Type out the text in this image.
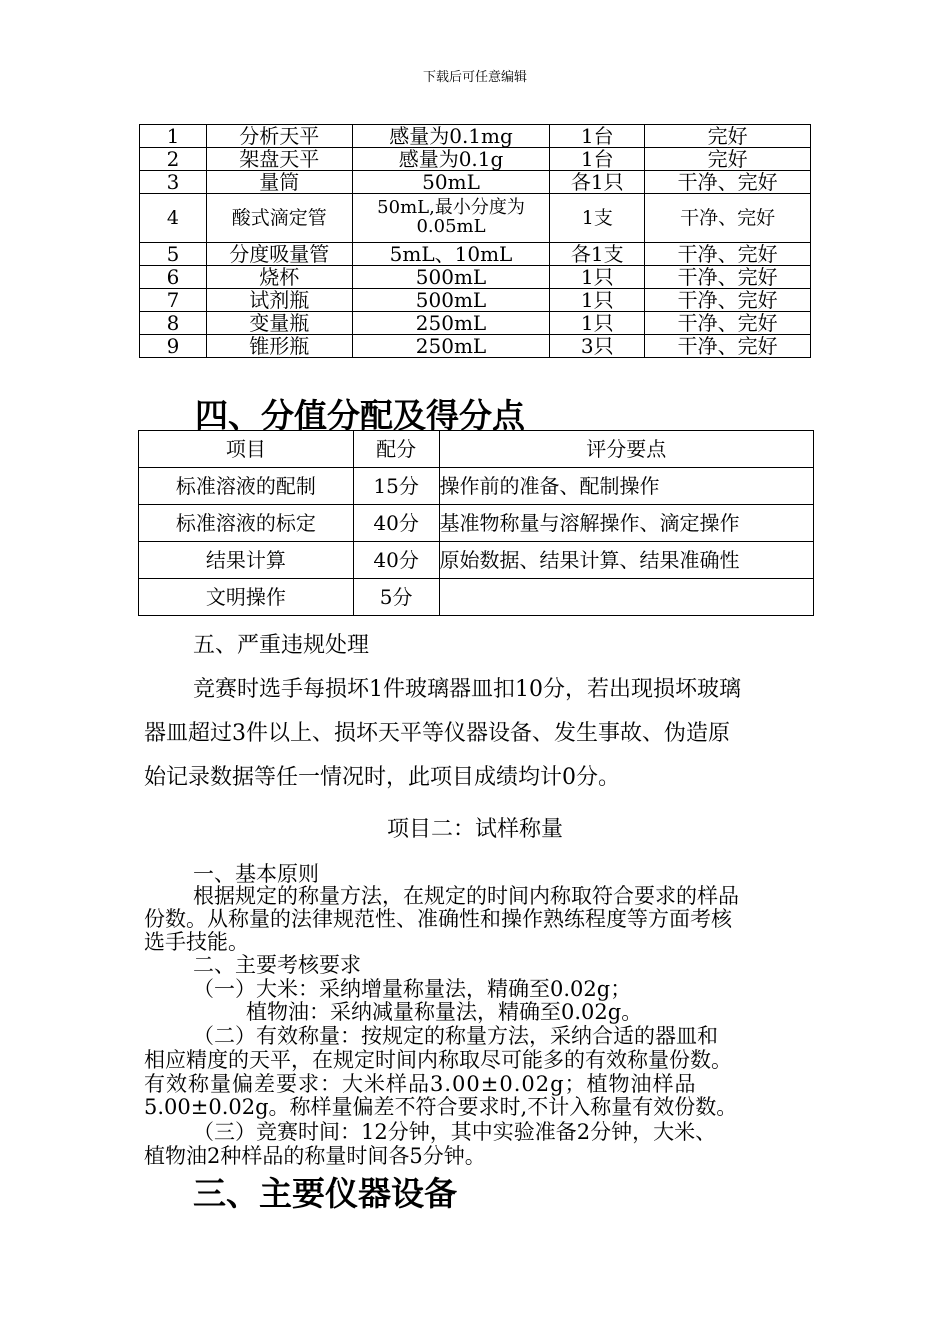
下载后可任意编辑
1	分析天平	感量为0.1mg	1台	完好
2	架盘天平	感量为0.1g	1台	完好
3	量筒	50mL	各1只	干净、完好
4	酸式滴定管	50mL,最小分度为0.05mL	1支	干净、完好
5	分度吸量管	5mL、10mL	各1支	干净、完好
6	烧杯	500mL	1只	干净、完好
7	试剂瓶	500mL	1只	干净、完好
8	变量瓶	250mL	1只	干净、完好
9	锥形瓶	250mL	3只	干净、完好
四、分值分配及得分点
项目	配分	评分要点
标准溶液的配制	15分	操作前的准备、配制操作
标准溶液的标定	40分	基准物称量与溶解操作、滴定操作
结果计算	40分	原始数据、结果计算、结果准确性
文明操作	5分	
五、严重违规处理
竞赛时选手每损坏1件玻璃器皿扣10分，若出现损坏玻璃
器皿超过3件以上、损坏天平等仪器设备、发生事故、伪造原
始记录数据等任一情况时，此项目成绩均计0分。
项目二：试样称量
一、基本原则
根据规定的称量方法，在规定的时间内称取符合要求的样品
份数。从称量的法律规范性、准确性和操作熟练程度等方面考核
选手技能。
二、主要考核要求
（一）大米：采纳增量称量法，精确至0.02g；
植物油：采纳减量称量法，精确至0.02g。
（二）有效称量：按规定的称量方法，采纳合适的器皿和
相应精度的天平，在规定时间内称取尽可能多的有效称量份数。
有效称量偏差要求：大米样品3.00±0.02g；植物油样品
5.00±0.02g。称样量偏差不符合要求时,不计入称量有效份数。
（三）竞赛时间：12分钟，其中实验准备2分钟，大米、
植物油2种样品的称量时间各5分钟。
三、主要仪器设备
